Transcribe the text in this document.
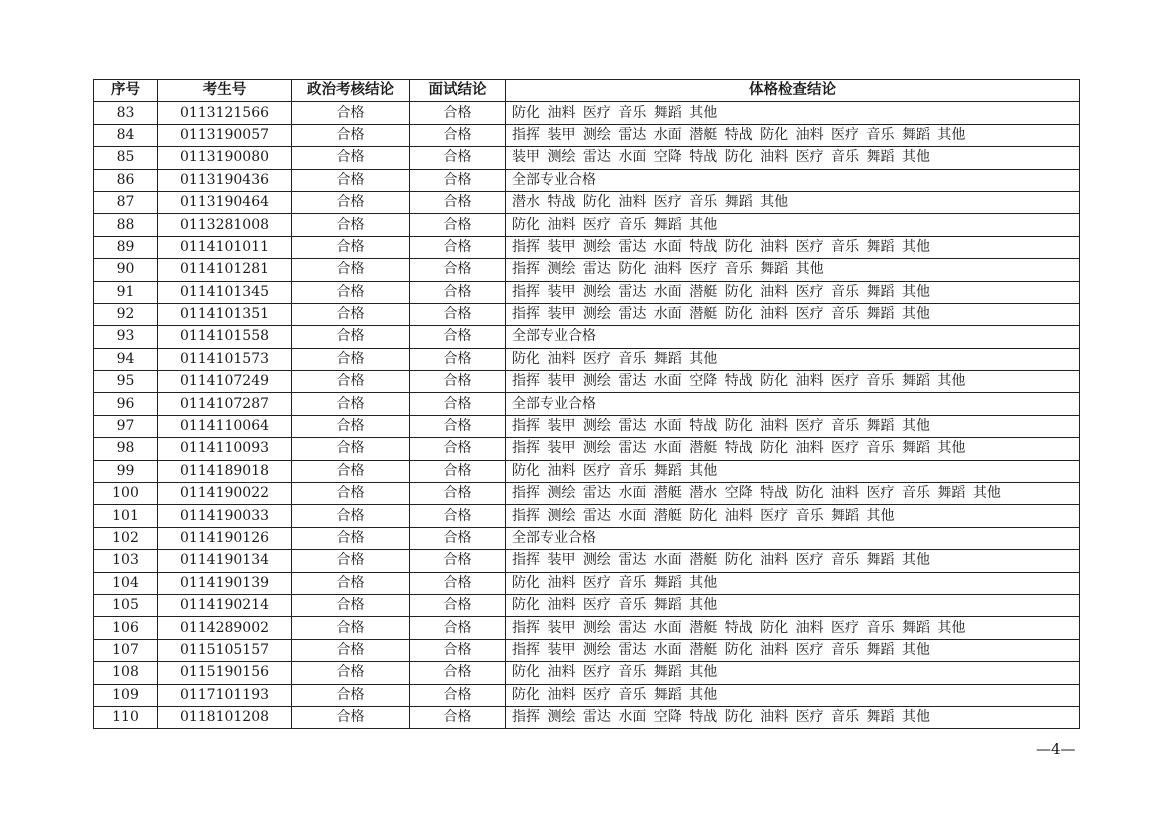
序号	考生号	政治考核结论	面试结论	体格检查结论
83	0113121566	合格	合格	防化 油料 医疗 音乐 舞蹈 其他
84	0113190057	合格	合格	指挥 装甲 测绘 雷达 水面 潜艇 特战 防化 油料 医疗 音乐 舞蹈 其他
85	0113190080	合格	合格	装甲 测绘 雷达 水面 空降 特战 防化 油料 医疗 音乐 舞蹈 其他
86	0113190436	合格	合格	全部专业合格
87	0113190464	合格	合格	潜水 特战 防化 油料 医疗 音乐 舞蹈 其他
88	0113281008	合格	合格	防化 油料 医疗 音乐 舞蹈 其他
89	0114101011	合格	合格	指挥 装甲 测绘 雷达 水面 特战 防化 油料 医疗 音乐 舞蹈 其他
90	0114101281	合格	合格	指挥 测绘 雷达 防化 油料 医疗 音乐 舞蹈 其他
91	0114101345	合格	合格	指挥 装甲 测绘 雷达 水面 潜艇 防化 油料 医疗 音乐 舞蹈 其他
92	0114101351	合格	合格	指挥 装甲 测绘 雷达 水面 潜艇 防化 油料 医疗 音乐 舞蹈 其他
93	0114101558	合格	合格	全部专业合格
94	0114101573	合格	合格	防化 油料 医疗 音乐 舞蹈 其他
95	0114107249	合格	合格	指挥 装甲 测绘 雷达 水面 空降 特战 防化 油料 医疗 音乐 舞蹈 其他
96	0114107287	合格	合格	全部专业合格
97	0114110064	合格	合格	指挥 装甲 测绘 雷达 水面 特战 防化 油料 医疗 音乐 舞蹈 其他
98	0114110093	合格	合格	指挥 装甲 测绘 雷达 水面 潜艇 特战 防化 油料 医疗 音乐 舞蹈 其他
99	0114189018	合格	合格	防化 油料 医疗 音乐 舞蹈 其他
100	0114190022	合格	合格	指挥 测绘 雷达 水面 潜艇 潜水 空降 特战 防化 油料 医疗 音乐 舞蹈 其他
101	0114190033	合格	合格	指挥 测绘 雷达 水面 潜艇 防化 油料 医疗 音乐 舞蹈 其他
102	0114190126	合格	合格	全部专业合格
103	0114190134	合格	合格	指挥 装甲 测绘 雷达 水面 潜艇 防化 油料 医疗 音乐 舞蹈 其他
104	0114190139	合格	合格	防化 油料 医疗 音乐 舞蹈 其他
105	0114190214	合格	合格	防化 油料 医疗 音乐 舞蹈 其他
106	0114289002	合格	合格	指挥 装甲 测绘 雷达 水面 潜艇 特战 防化 油料 医疗 音乐 舞蹈 其他
107	0115105157	合格	合格	指挥 装甲 测绘 雷达 水面 潜艇 防化 油料 医疗 音乐 舞蹈 其他
108	0115190156	合格	合格	防化 油料 医疗 音乐 舞蹈 其他
109	0117101193	合格	合格	防化 油料 医疗 音乐 舞蹈 其他
110	0118101208	合格	合格	指挥 测绘 雷达 水面 空降 特战 防化 油料 医疗 音乐 舞蹈 其他
—4—
